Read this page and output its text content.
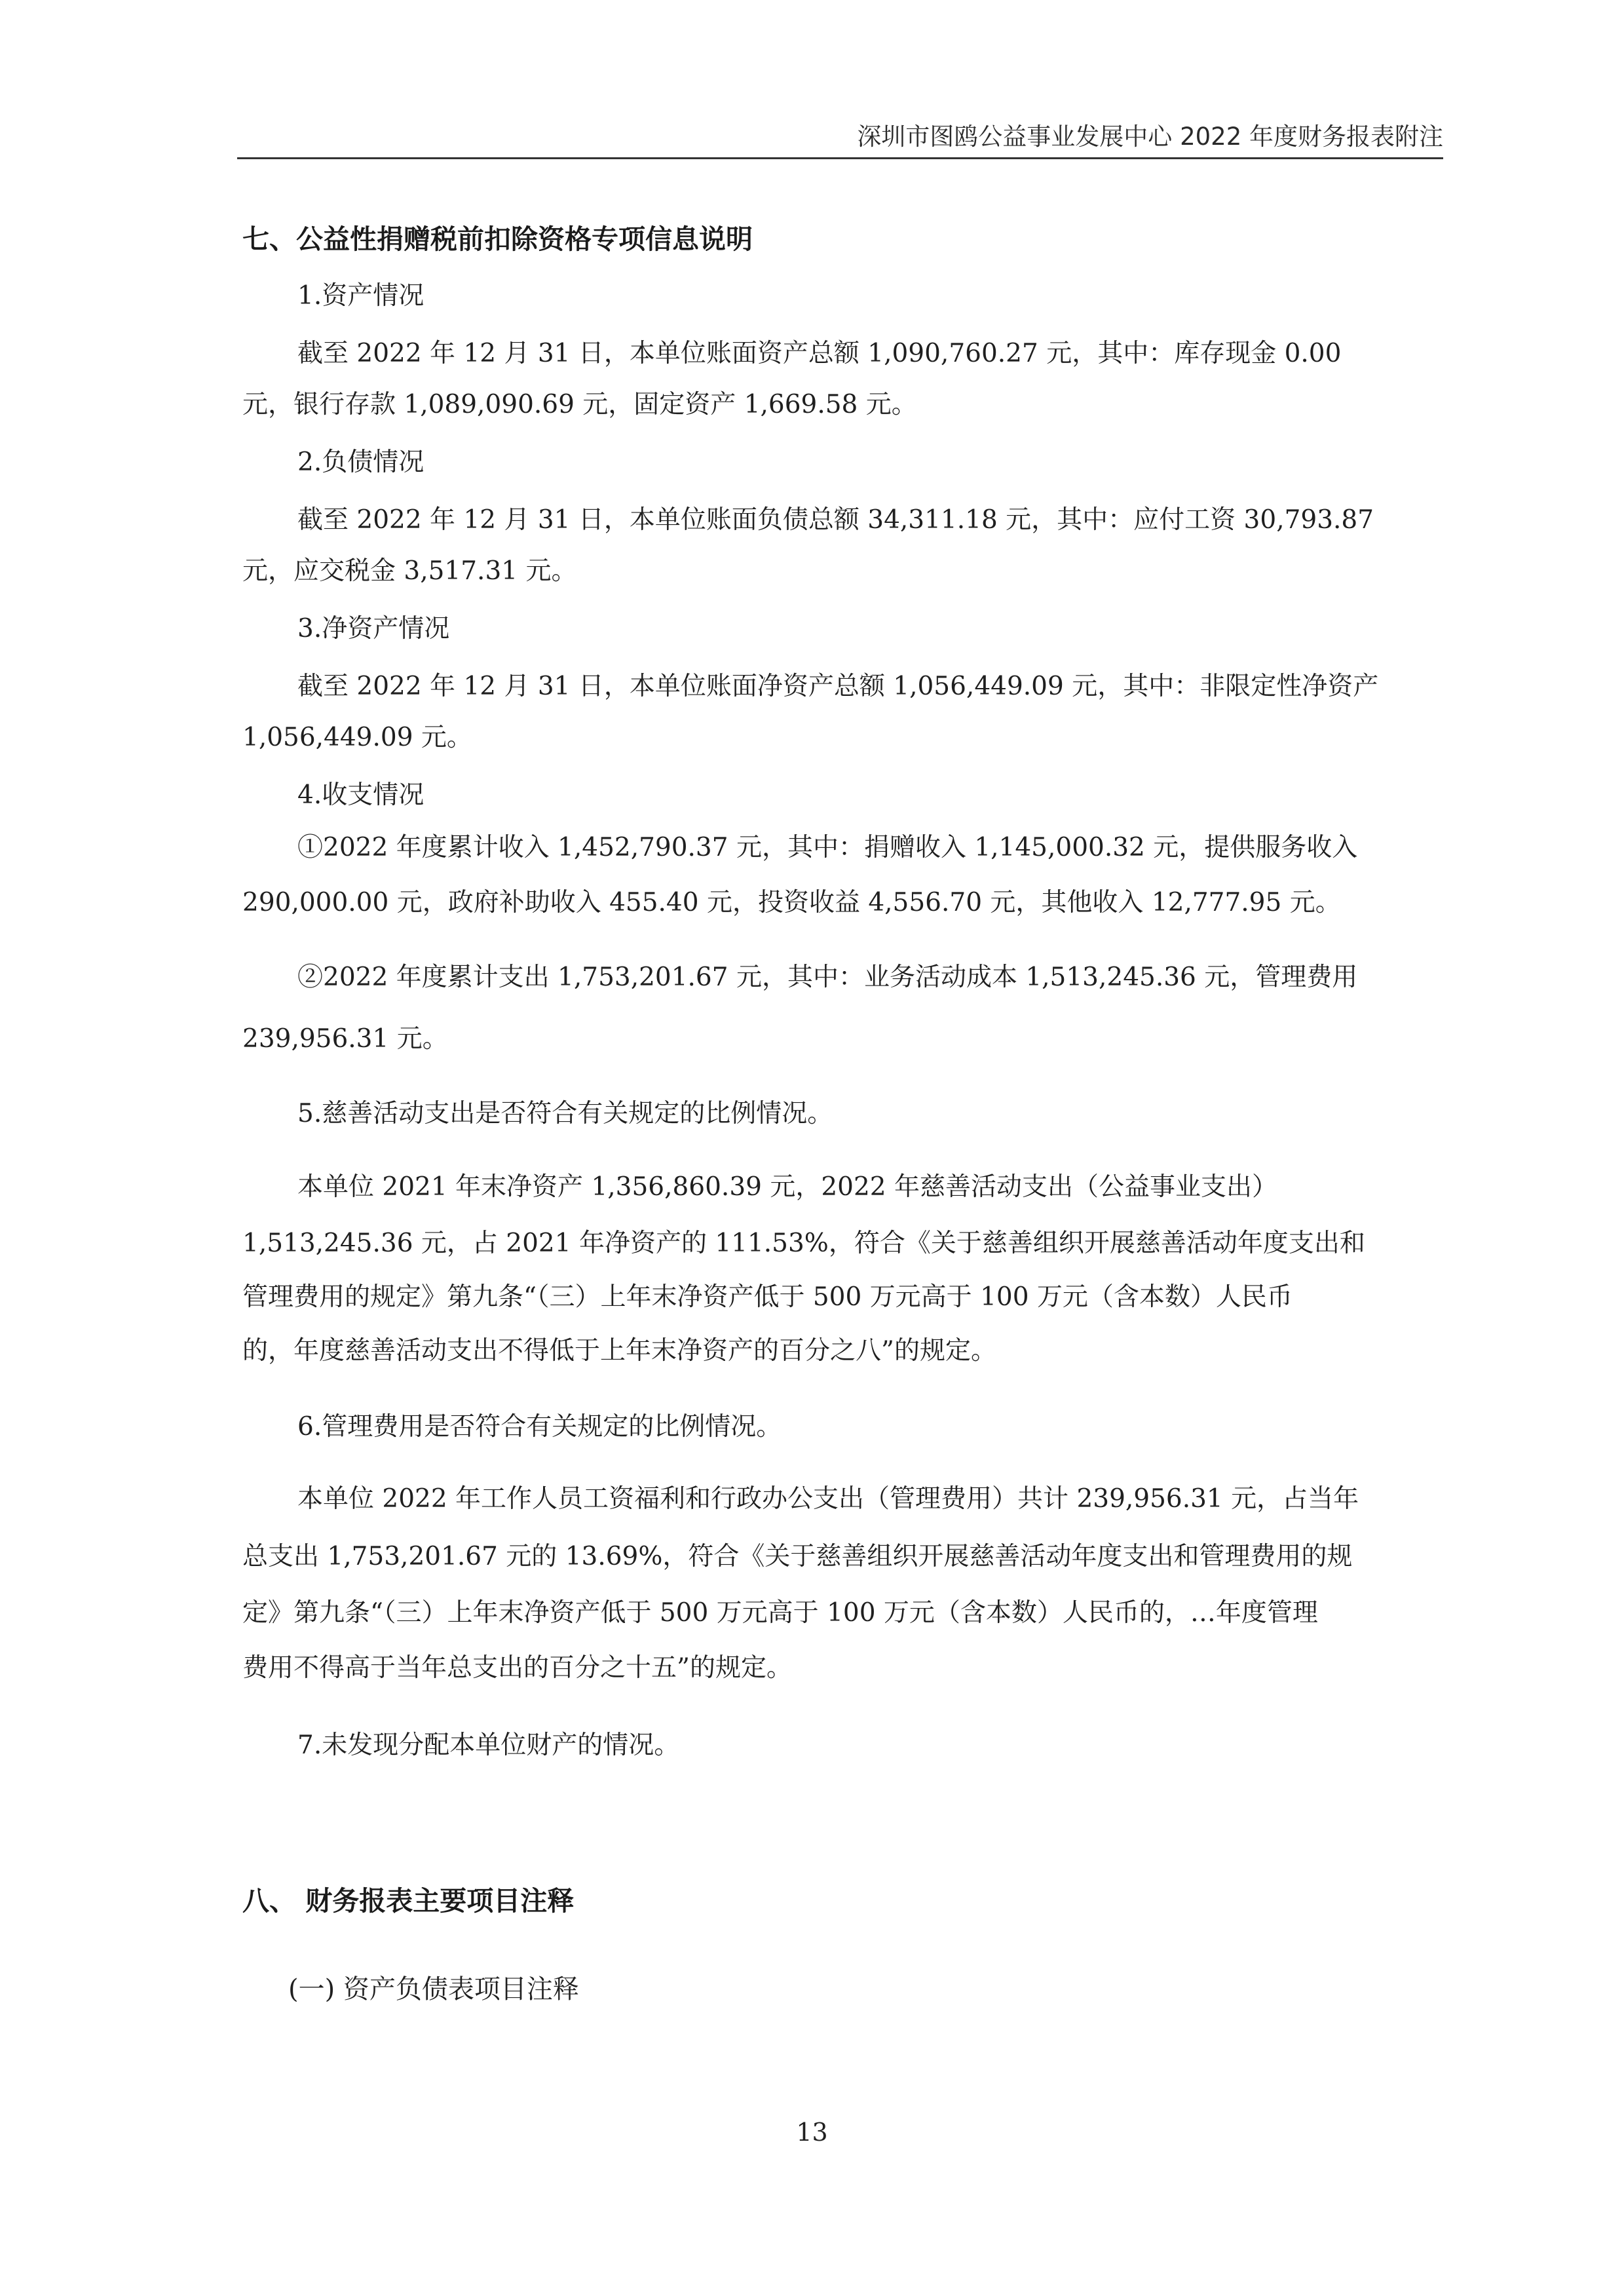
深圳市图鸥公益事业发展中心 2022 年度财务报表附注
七、公益性捐赠税前扣除资格专项信息说明
1.资产情况
截至 2022 年 12 月 31 日，本单位账面资产总额 1,090,760.27 元，其中：库存现金 0.00
元，银行存款 1,089,090.69 元，固定资产 1,669.58 元。
2.负债情况
截至 2022 年 12 月 31 日，本单位账面负债总额 34,311.18 元，其中：应付工资 30,793.87
元，应交税金 3,517.31 元。
3.净资产情况
截至 2022 年 12 月 31 日，本单位账面净资产总额 1,056,449.09 元，其中：非限定性净资产
1,056,449.09 元。
4.收支情况
①2022 年度累计收入 1,452,790.37 元，其中：捐赠收入 1,145,000.32 元，提供服务收入
290,000.00 元，政府补助收入 455.40 元，投资收益 4,556.70 元，其他收入 12,777.95 元。
②2022 年度累计支出 1,753,201.67 元，其中：业务活动成本 1,513,245.36 元，管理费用
239,956.31 元。
5.慈善活动支出是否符合有关规定的比例情况。
本单位 2021 年末净资产 1,356,860.39 元，2022 年慈善活动支出（公益事业支出）
1,513,245.36 元，占 2021 年净资产的 111.53%，符合《关于慈善组织开展慈善活动年度支出和
管理费用的规定》第九条“（三）上年末净资产低于 500 万元高于 100 万元（含本数）人民币
的，年度慈善活动支出不得低于上年末净资产的百分之八”的规定。
6.管理费用是否符合有关规定的比例情况。
本单位 2022 年工作人员工资福利和行政办公支出（管理费用）共计 239,956.31 元，占当年
总支出 1,753,201.67 元的 13.69%，符合《关于慈善组织开展慈善活动年度支出和管理费用的规
定》第九条“（三）上年末净资产低于 500 万元高于 100 万元（含本数）人民币的，…年度管理
费用不得高于当年总支出的百分之十五”的规定。
7.未发现分配本单位财产的情况。
八、 财务报表主要项目注释
(一) 资产负债表项目注释
13
